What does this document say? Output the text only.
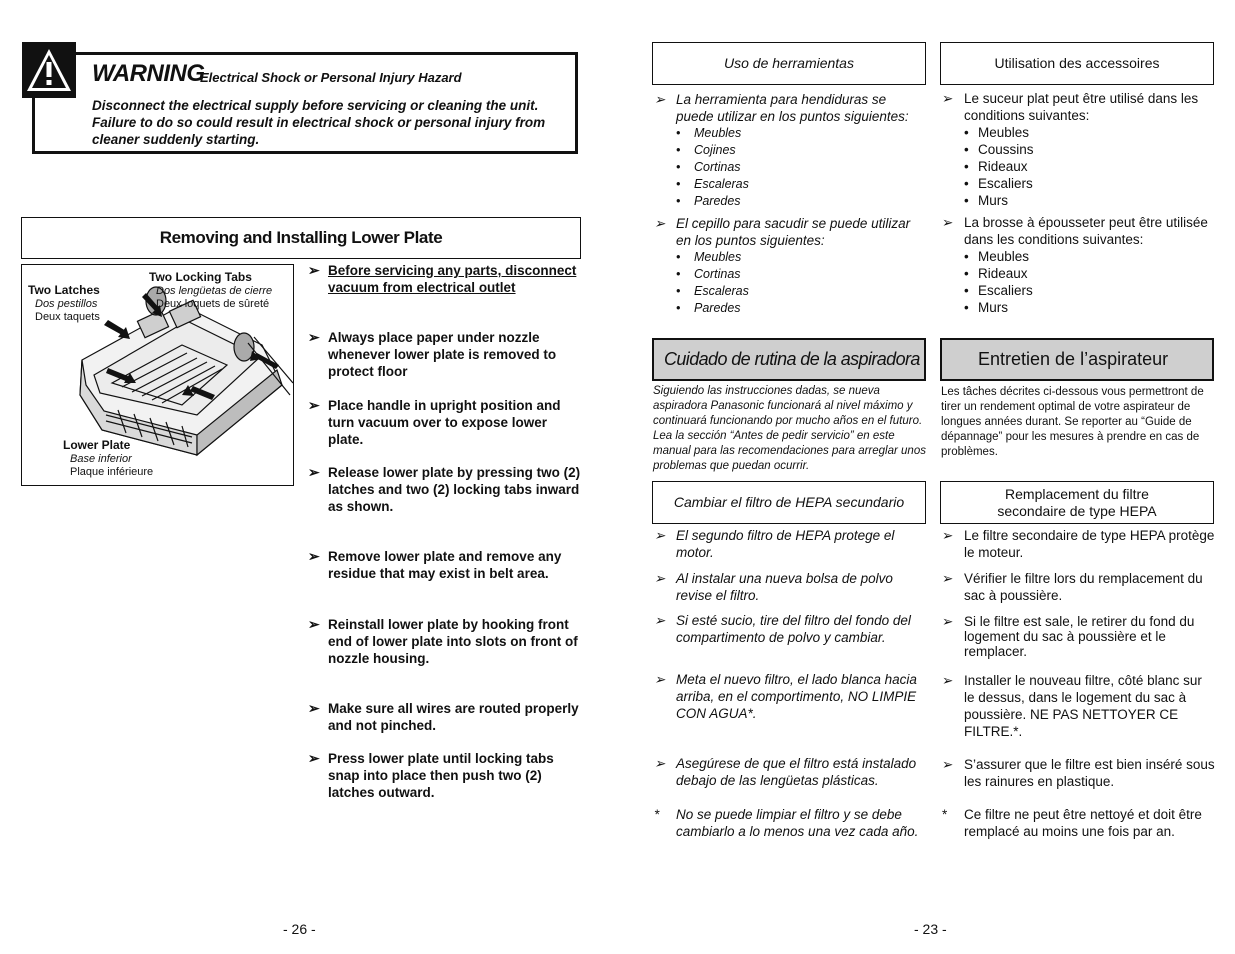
WARNING
Electrical Shock or Personal Injury Hazard
Disconnect the electrical supply before servicing or cleaning the unit. Failure to do so could result in electrical shock or personal injury from cleaner suddenly starting.
Removing and Installing Lower Plate
Two Latches
Dos pestillos
Deux taquets
Two Locking Tabs
Dos lengüetas de cierre
Deux loquets de sûreté
Lower Plate
Base inferior
Plaque inférieure
➢ Before servicing any parts, disconnect vacuum from electrical outlet
➢ Always place paper under nozzle whenever lower plate is removed to protect floor
➢ Place handle in upright position and turn vacuum over to expose lower plate.
➢ Release lower plate by pressing two (2) latches and two (2) locking tabs inward as shown.
➢ Remove lower plate and remove any residue that may exist in belt area.
➢ Reinstall lower plate by hooking front end of lower plate into slots on front of nozzle housing.
➢ Make sure all wires are routed properly and not pinched.
➢ Press lower plate until locking tabs snap into place then push two (2) latches outward.
- 26 -
Uso de herramientas
➢ La herramienta para hendiduras se puede utilizar en los puntos siguientes:
• Meubles
• Cojines
• Cortinas
• Escaleras
• Paredes
➢ El cepillo para sacudir se puede utilizar en los puntos siguientes:
• Meubles
• Cortinas
• Escaleras
• Paredes
Cuidado de rutina de la aspiradora
Siguiendo las instrucciones dadas, se nueva aspiradora Panasonic funcionará al nivel máximo y continuará funcionando por mucho años en el futuro. Lea la sección “Antes de pedir servicio” en este manual para las recomendaciones para arreglar unos problemas que puedan ocurrir.
Cambiar el filtro de HEPA secundario
➢ El segundo filtro de HEPA protege el motor.
➢ Al instalar una nueva bolsa de polvo revise el filtro.
➢ Si esté sucio, tire del filtro del fondo del compartimento de polvo y cambiar.
➢ Meta el nuevo filtro, el lado blanca hacia arriba, en el comportimento, NO LIMPIE CON AGUA*.
➢ Asegúrese de que el filtro está instalado debajo de las lengüetas plásticas.
* No se puede limpiar el filtro y se debe cambiarlo a lo menos una vez cada año.
Utilisation des accessoires
➢ Le suceur plat peut être utilisé dans les conditions suivantes:
• Meubles
• Coussins
• Rideaux
• Escaliers
• Murs
➢ La brosse à épousseter peut être utilisée dans les conditions suivantes:
• Meubles
• Rideaux
• Escaliers
• Murs
Entretien de l’aspirateur
Les tâches décrites ci-dessous vous permettront de tirer un rendement optimal de votre aspirateur de longues années durant. Se reporter au “Guide de dépannage” pour les mesures à prendre en cas de problèmes.
Remplacement du filtre secondaire de type HEPA
➢ Le filtre secondaire de type HEPA protège le moteur.
➢ Vérifier le filtre lors du remplacement du sac à poussière.
➢ Si le filtre est sale, le retirer du fond du logement du sac à poussière et le remplacer.
➢ Installer le nouveau filtre, côté blanc sur le dessus, dans le logement du sac à poussière. NE PAS NETTOYER CE FILTRE.*.
➢ S’assurer que le filtre est bien inséré sous les rainures en plastique.
* Ce filtre ne peut être nettoyé et doit être remplacé au moins une fois par an.
- 23 -
